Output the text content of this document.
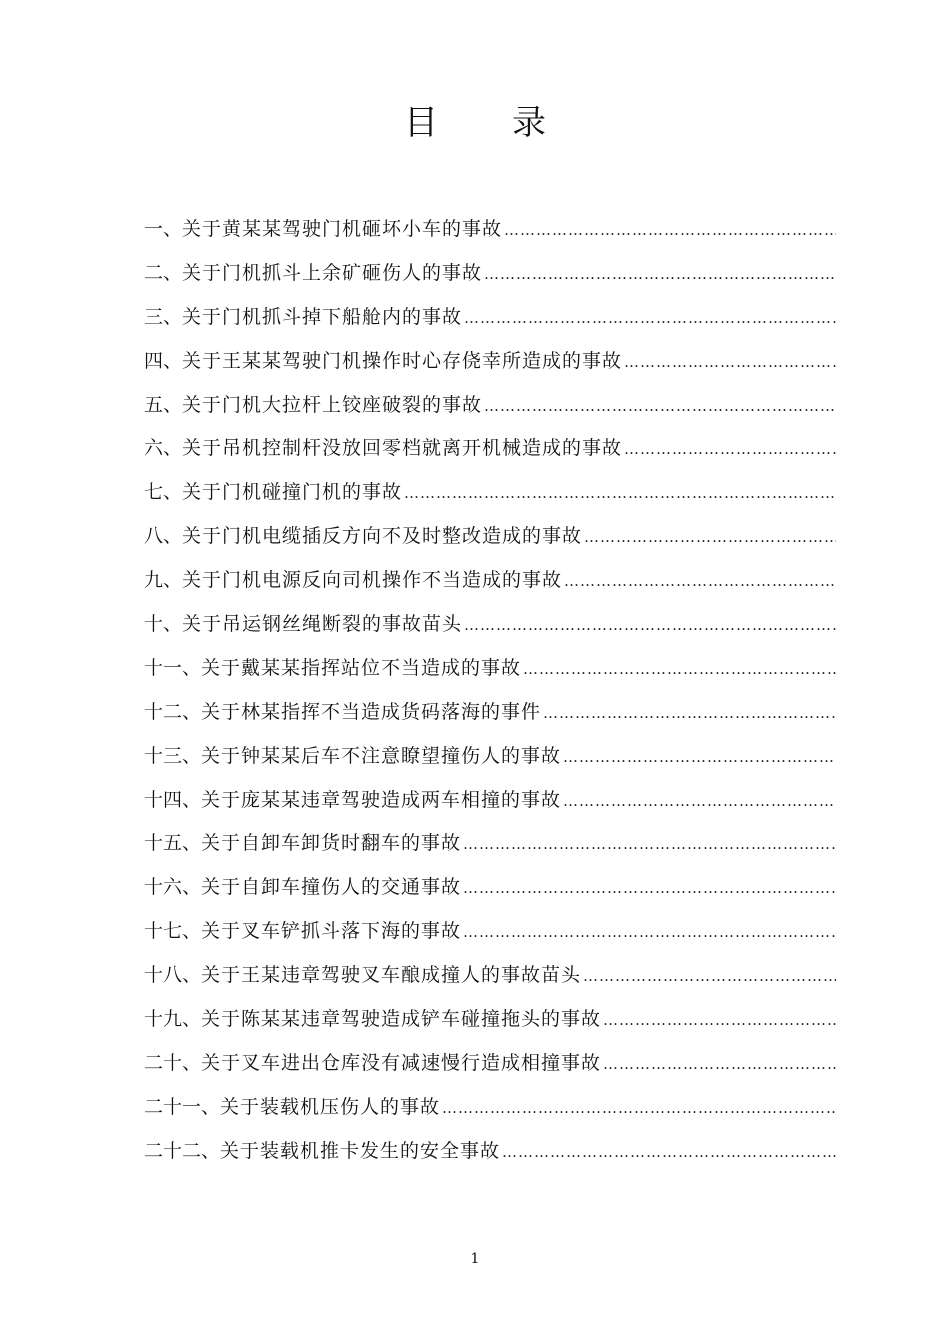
目录
一 、 关于黄某某驾驶门机砸坏小车的事故
…………………………………………………………………………………………………………………………………………………………………………
二 、 关于门机抓斗上余矿砸伤人的事故
…………………………………………………………………………………………………………………………………………………………………………
三 、 关于门机抓斗掉下船舱内的事故
…………………………………………………………………………………………………………………………………………………………………………
四 、 关于王某某驾驶门机操作时心存侥幸所造成的事故
…………………………………………………………………………………………………………………………………………………………………………
五 、 关于门机大拉杆上铰座破裂的事故
…………………………………………………………………………………………………………………………………………………………………………
六 、 关于吊机控制杆没放回零档就离开机械造成的事故
…………………………………………………………………………………………………………………………………………………………………………
七 、 关于门机碰撞门机的事故
…………………………………………………………………………………………………………………………………………………………………………
八 、 关于门机电缆插反方向不及时整改造成的事故
…………………………………………………………………………………………………………………………………………………………………………
九 、 关于门机电源反向司机操作不当造成的事故
…………………………………………………………………………………………………………………………………………………………………………
十 、 关于吊运钢丝绳断裂的事故苗头
…………………………………………………………………………………………………………………………………………………………………………
十一 、 关于戴某某指挥站位不当造成的事故
…………………………………………………………………………………………………………………………………………………………………………
十二 、 关于林某指挥不当造成货码落海的事件
…………………………………………………………………………………………………………………………………………………………………………
十三 、 关于钟某某后车不注意瞭望撞伤人的事故
…………………………………………………………………………………………………………………………………………………………………………
十四 、 关于庞某某违章驾驶造成两车相撞的事故
…………………………………………………………………………………………………………………………………………………………………………
十五 、 关于自卸车卸货时翻车的事故
…………………………………………………………………………………………………………………………………………………………………………
十六 、 关于自卸车撞伤人的交通事故
…………………………………………………………………………………………………………………………………………………………………………
十七 、 关于叉车铲抓斗落下海的事故
…………………………………………………………………………………………………………………………………………………………………………
十八 、 关于王某违章驾驶叉车酿成撞人的事故苗头
…………………………………………………………………………………………………………………………………………………………………………
十九 、 关于陈某某违章驾驶造成铲车碰撞拖头的事故
…………………………………………………………………………………………………………………………………………………………………………
二十 、 关于叉车进出仓库没有减速慢行造成相撞事故
…………………………………………………………………………………………………………………………………………………………………………
二十一 、 关于装载机压伤人的事故
…………………………………………………………………………………………………………………………………………………………………………
二十二 、 关于装载机推卡发生的安全事故
…………………………………………………………………………………………………………………………………………………………………………
1
